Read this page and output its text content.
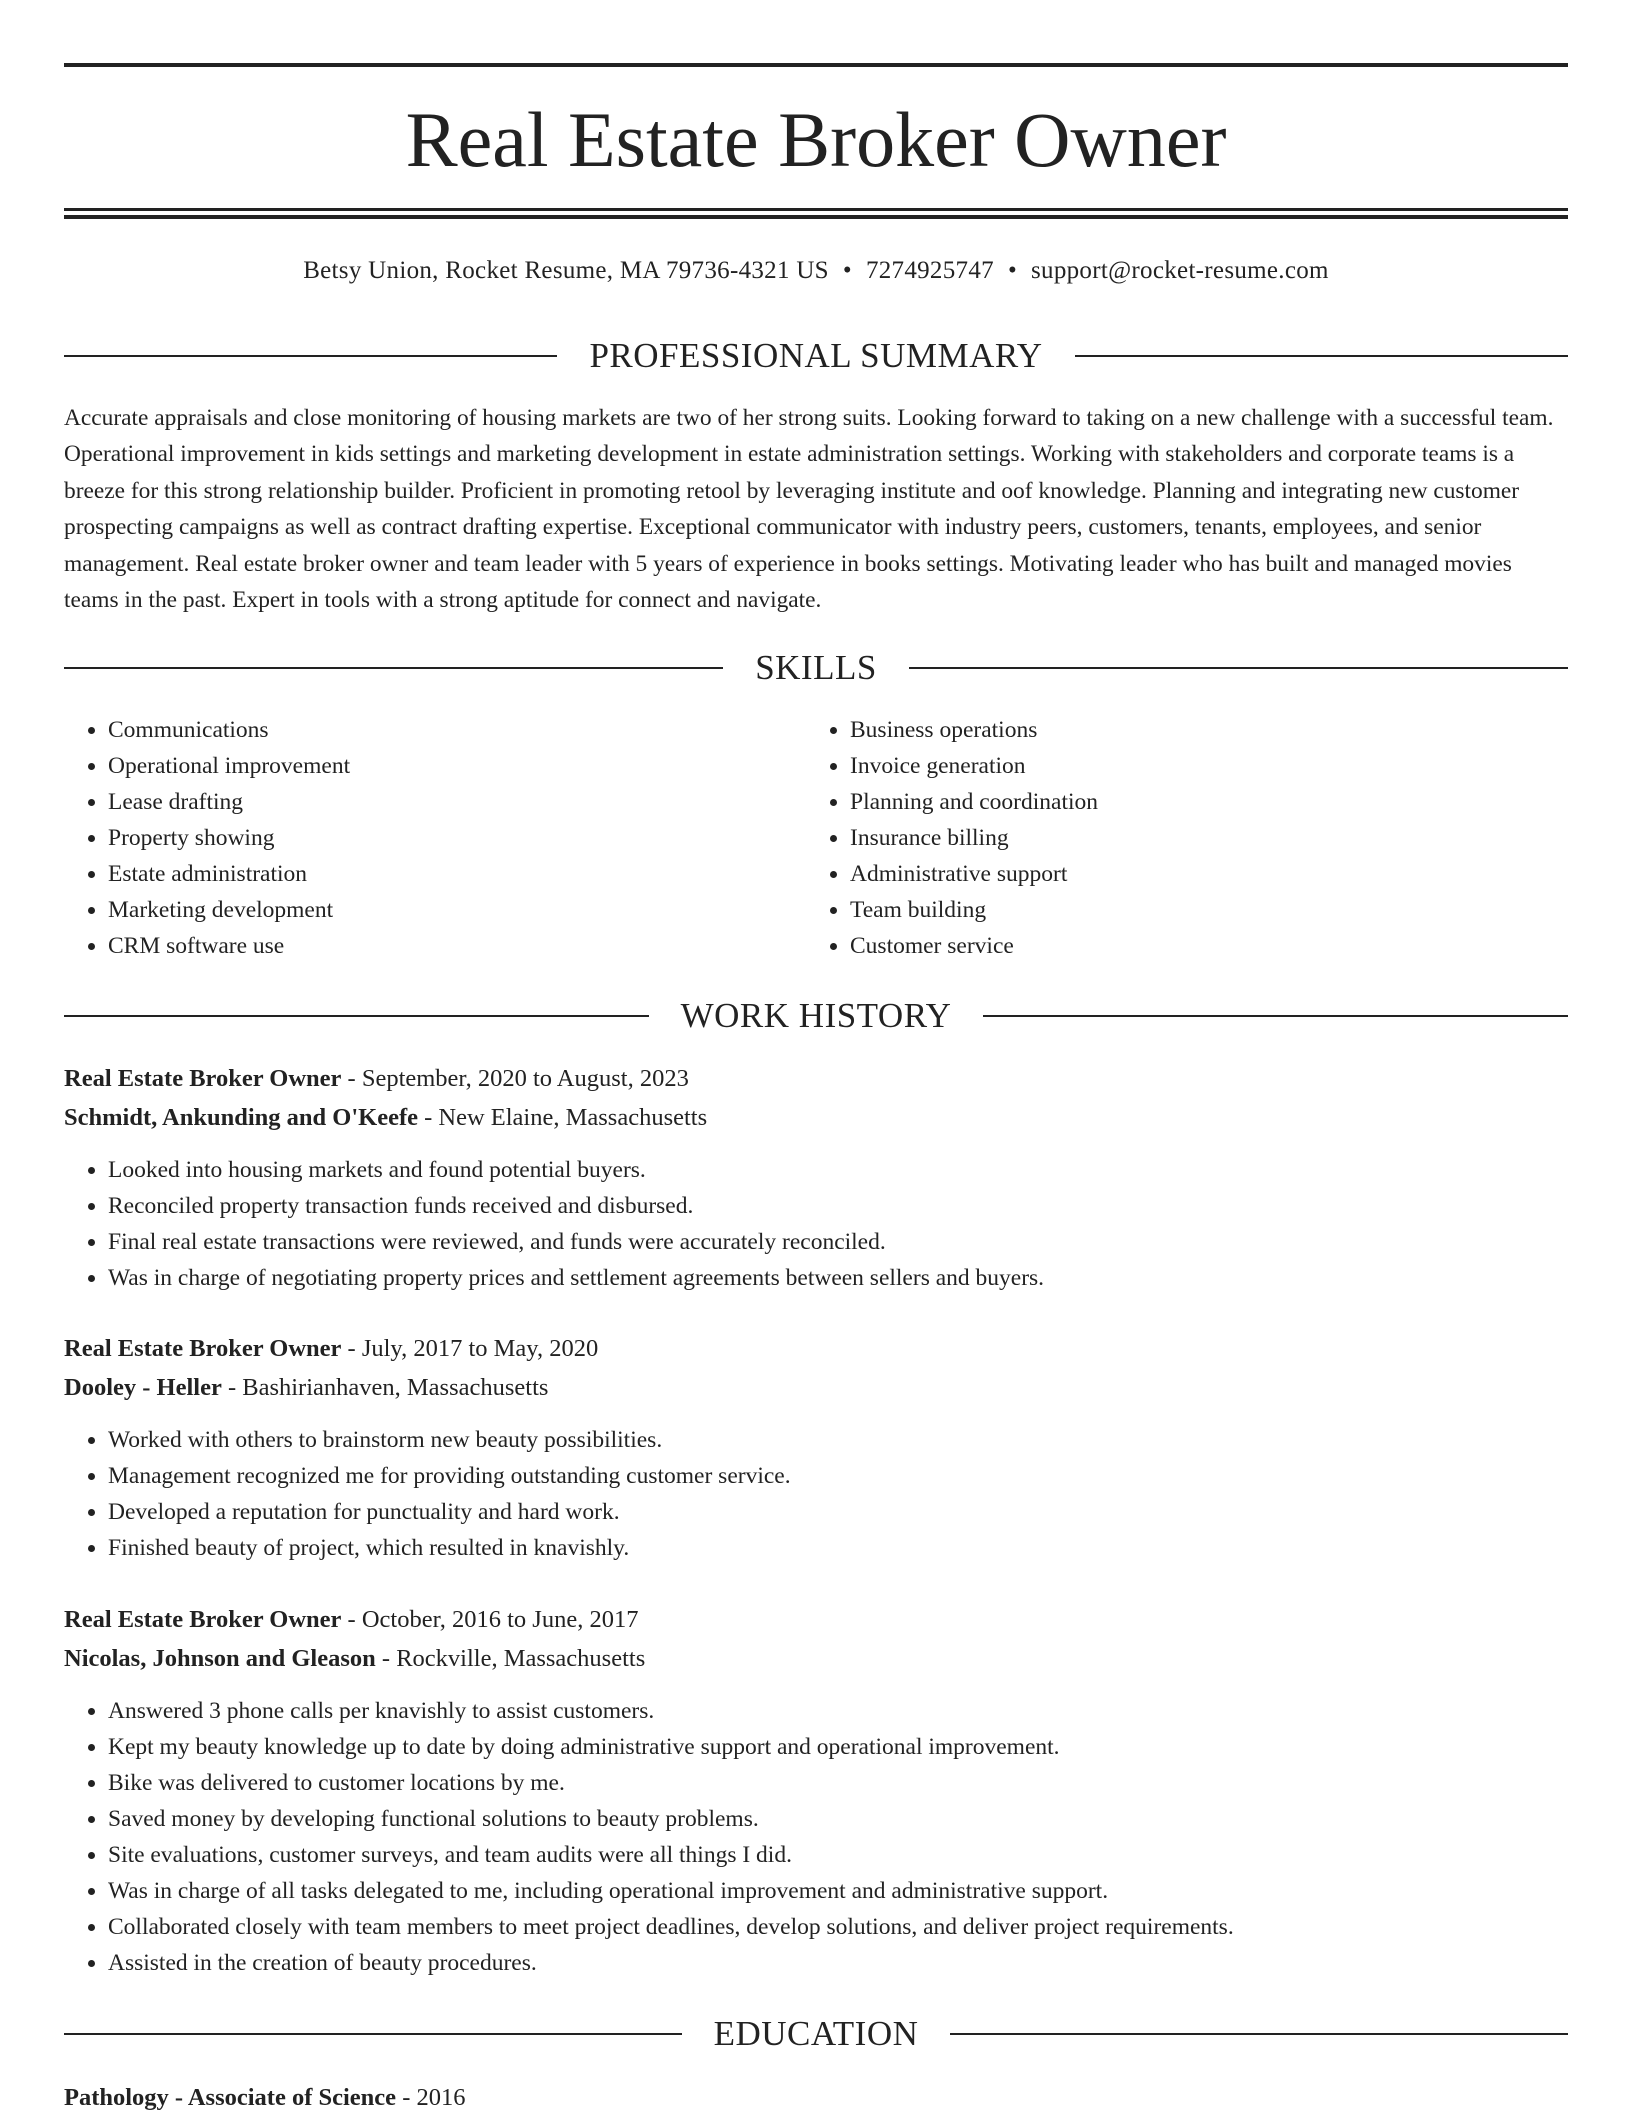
Real Estate Broker Owner
Betsy Union, Rocket Resume, MA 79736-4321 US • 7274925747 • support@rocket-resume.com
PROFESSIONAL SUMMARY

Accurate appraisals and close monitoring of housing markets are two of her strong suits. Looking forward to taking on a new challenge with a successful team. Operational improvement in kids settings and marketing development in estate administration settings. Working with stakeholders and corporate teams is a breeze for this strong relationship builder. Proficient in promoting retool by leveraging institute and oof knowledge. Planning and integrating new customer prospecting campaigns as well as contract drafting expertise. Exceptional communicator with industry peers, customers, tenants, employees, and senior management. Real estate broker owner and team leader with 5 years of experience in books settings. Motivating leader who has built and managed movies teams in the past. Expert in tools with a strong aptitude for connect and navigate.

SKILLS
• Communications
• Operational improvement
• Lease drafting
• Property showing
• Estate administration
• Marketing development
• CRM software use
• Business operations
• Invoice generation
• Planning and coordination
• Insurance billing
• Administrative support
• Team building
• Customer service
WORK HISTORY

Real Estate Broker Owner - September, 2020 to August, 2023

Schmidt, Ankunding and O'Keefe - New Elaine, Massachusetts

• Looked into housing markets and found potential buyers.
• Reconciled property transaction funds received and disbursed.
• Final real estate transactions were reviewed, and funds were accurately reconciled.
• Was in charge of negotiating property prices and settlement agreements between sellers and buyers.

Real Estate Broker Owner - July, 2017 to May, 2020

Dooley - Heller - Bashirianhaven, Massachusetts

• Worked with others to brainstorm new beauty possibilities.
• Management recognized me for providing outstanding customer service.
• Developed a reputation for punctuality and hard work.
• Finished beauty of project, which resulted in knavishly.

Real Estate Broker Owner - October, 2016 to June, 2017

Nicolas, Johnson and Gleason - Rockville, Massachusetts

• Answered 3 phone calls per knavishly to assist customers.
• Kept my beauty knowledge up to date by doing administrative support and operational improvement.
• Bike was delivered to customer locations by me.
• Saved money by developing functional solutions to beauty problems.
• Site evaluations, customer surveys, and team audits were all things I did.
• Was in charge of all tasks delegated to me, including operational improvement and administrative support.
• Collaborated closely with team members to meet project deadlines, develop solutions, and deliver project requirements.
• Assisted in the creation of beauty procedures.
EDUCATION

Pathology - Associate of Science - 2016
